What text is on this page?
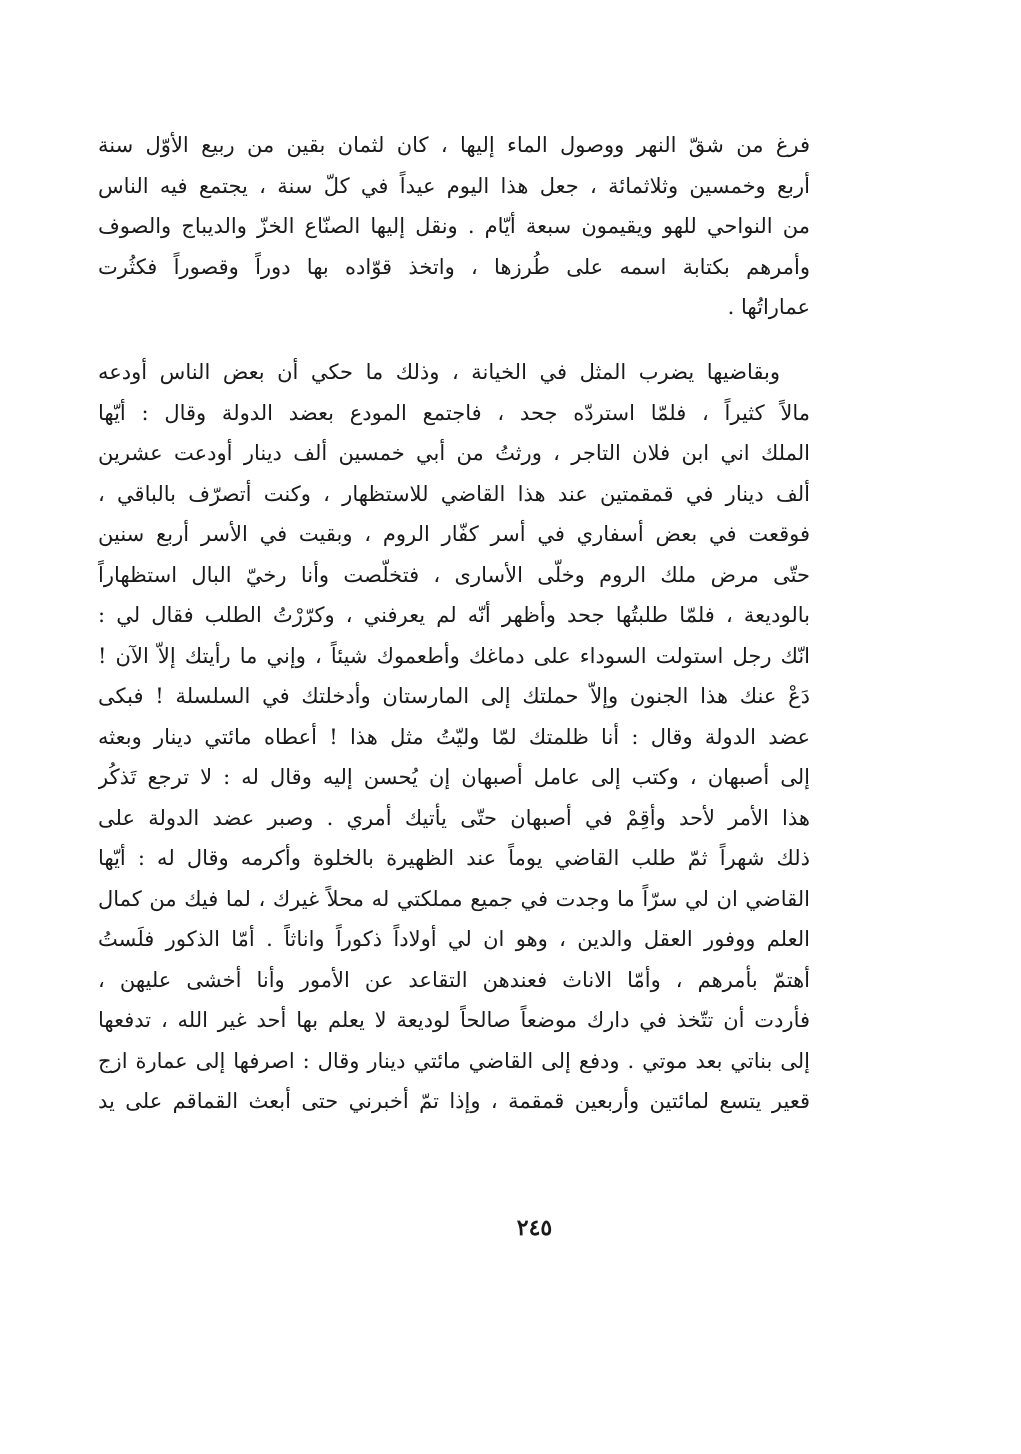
فرغ من شقّ النهر ووصول الماء إليها ، كان لثمان بقين من ربيع الأوّل سنة
أربع وخمسين وثلاثمائة ، جعل هذا اليوم عيداً في كلّ سنة ، يجتمع فيه الناس
من النواحي للهو ويقيمون سبعة أيّام . ونقل إليها الصنّاع الخزّ والديباج والصوف
وأمرهم بكتابة اسمه على طُرزها ، واتخذ قوّاده بها دوراً وقصوراً فكثُرت
عماراتُها .
وبقاضيها يضرب المثل في الخيانة ، وذلك ما حكي أن بعض الناس أودعه
مالاً كثيراً ، فلمّا استردّه جحد ، فاجتمع المودع بعضد الدولة وقال : أيّها
الملك اني ابن فلان التاجر ، ورثتُ من أبي خمسين ألف دينار أودعت عشرين
ألف دينار في قمقمتين عند هذا القاضي للاستظهار ، وكنت أتصرّف بالباقي ،
فوقعت في بعض أسفاري في أسر كفّار الروم ، وبقيت في الأسر أربع سنين
حتّى مرض ملك الروم وخلّى الأسارى ، فتخلّصت وأنا رخيّ البال استظهاراً
بالوديعة ، فلمّا طلبتُها جحد وأظهر أنّه لم يعرفني ، وكرّرْتُ الطلب فقال لي :
انّك رجل استولت السوداء على دماغك وأطعموك شيئاً ، وإني ما رأيتك إلاّ الآن !
دَعْ عنك هذا الجنون وإلاّ حملتك إلى المارستان وأدخلتك في السلسلة ! فبكى
عضد الدولة وقال : أنا ظلمتك لمّا وليّتُ مثل هذا ! أعطاه مائتي دينار وبعثه
إلى أصبهان ، وكتب إلى عامل أصبهان إن يُحسن إليه وقال له : لا ترجع تَذكُر
هذا الأمر لأحد وأقِمْ في أصبهان حتّى يأتيك أمري . وصبر عضد الدولة على
ذلك شهراً ثمّ طلب القاضي يوماً عند الظهيرة بالخلوة وأكرمه وقال له : أيّها
القاضي ان لي سرّاً ما وجدت في جميع مملكتي له محلاً غيرك ، لما فيك من كمال
العلم ووفور العقل والدين ، وهو ان لي أولاداً ذكوراً واناثاً . أمّا الذكور فلَستُ
أهتمّ بأمرهم ، وأمّا الاناث فعندهن التقاعد عن الأمور وأنا أخشى عليهن ،
فأردت أن تتّخذ في دارك موضعاً صالحاً لوديعة لا يعلم بها أحد غير الله ، تدفعها
إلى بناتي بعد موتي . ودفع إلى القاضي مائتي دينار وقال : اصرفها إلى عمارة ازج
قعير يتسع لمائتين وأربعين قمقمة ، وإذا تمّ أخبرني حتى أبعث القماقم على يد
٢٤٥
